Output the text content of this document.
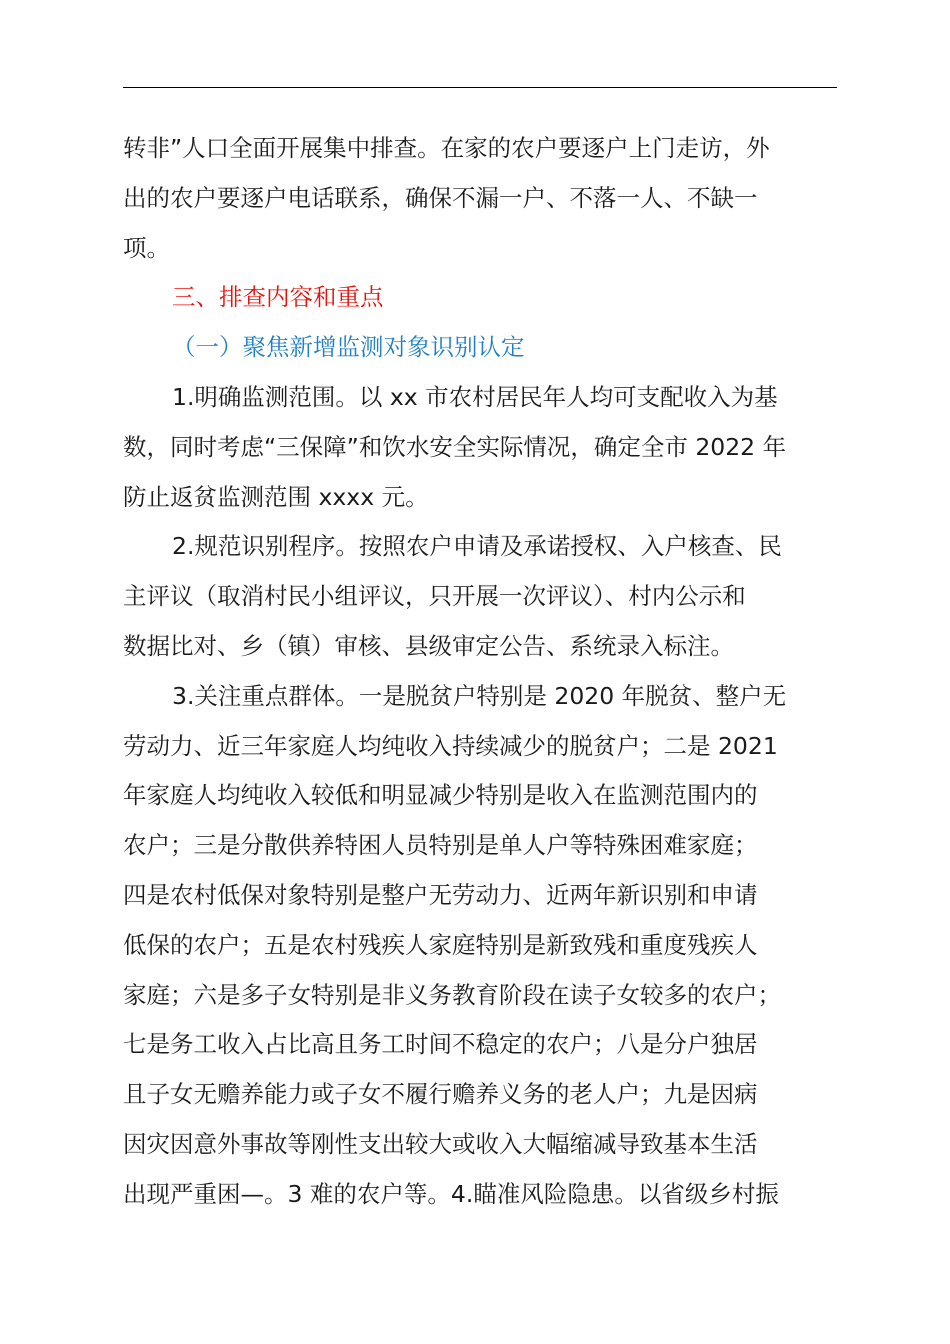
转非”人口全面开展集中排查。在家的农户要逐户上门走访，外
出的农户要逐户电话联系，确保不漏一户、不落一人、不缺一
项。
三、排查内容和重点
（一）聚焦新增监测对象识别认定
1.明确监测范围。以 xx 市农村居民年人均可支配收入为基
数，同时考虑“三保障”和饮水安全实际情况，确定全市 2022 年
防止返贫监测范围 xxxx 元。
2.规范识别程序。按照农户申请及承诺授权、入户核查、民
主评议（取消村民小组评议，只开展一次评议）、村内公示和
数据比对、乡（镇）审核、县级审定公告、系统录入标注。
3.关注重点群体。一是脱贫户特别是 2020 年脱贫、整户无
劳动力、近三年家庭人均纯收入持续减少的脱贫户；二是 2021
年家庭人均纯收入较低和明显减少特别是收入在监测范围内的
农户；三是分散供养特困人员特别是单人户等特殊困难家庭；
四是农村低保对象特别是整户无劳动力、近两年新识别和申请
低保的农户；五是农村残疾人家庭特别是新致残和重度残疾人
家庭；六是多子女特别是非义务教育阶段在读子女较多的农户；
七是务工收入占比高且务工时间不稳定的农户；八是分户独居
且子女无赡养能力或子女不履行赡养义务的老人户；九是因病
因灾因意外事故等刚性支出较大或收入大幅缩减导致基本生活
出现严重困—。3 难的农户等。4.瞄准风险隐患。以省级乡村振
